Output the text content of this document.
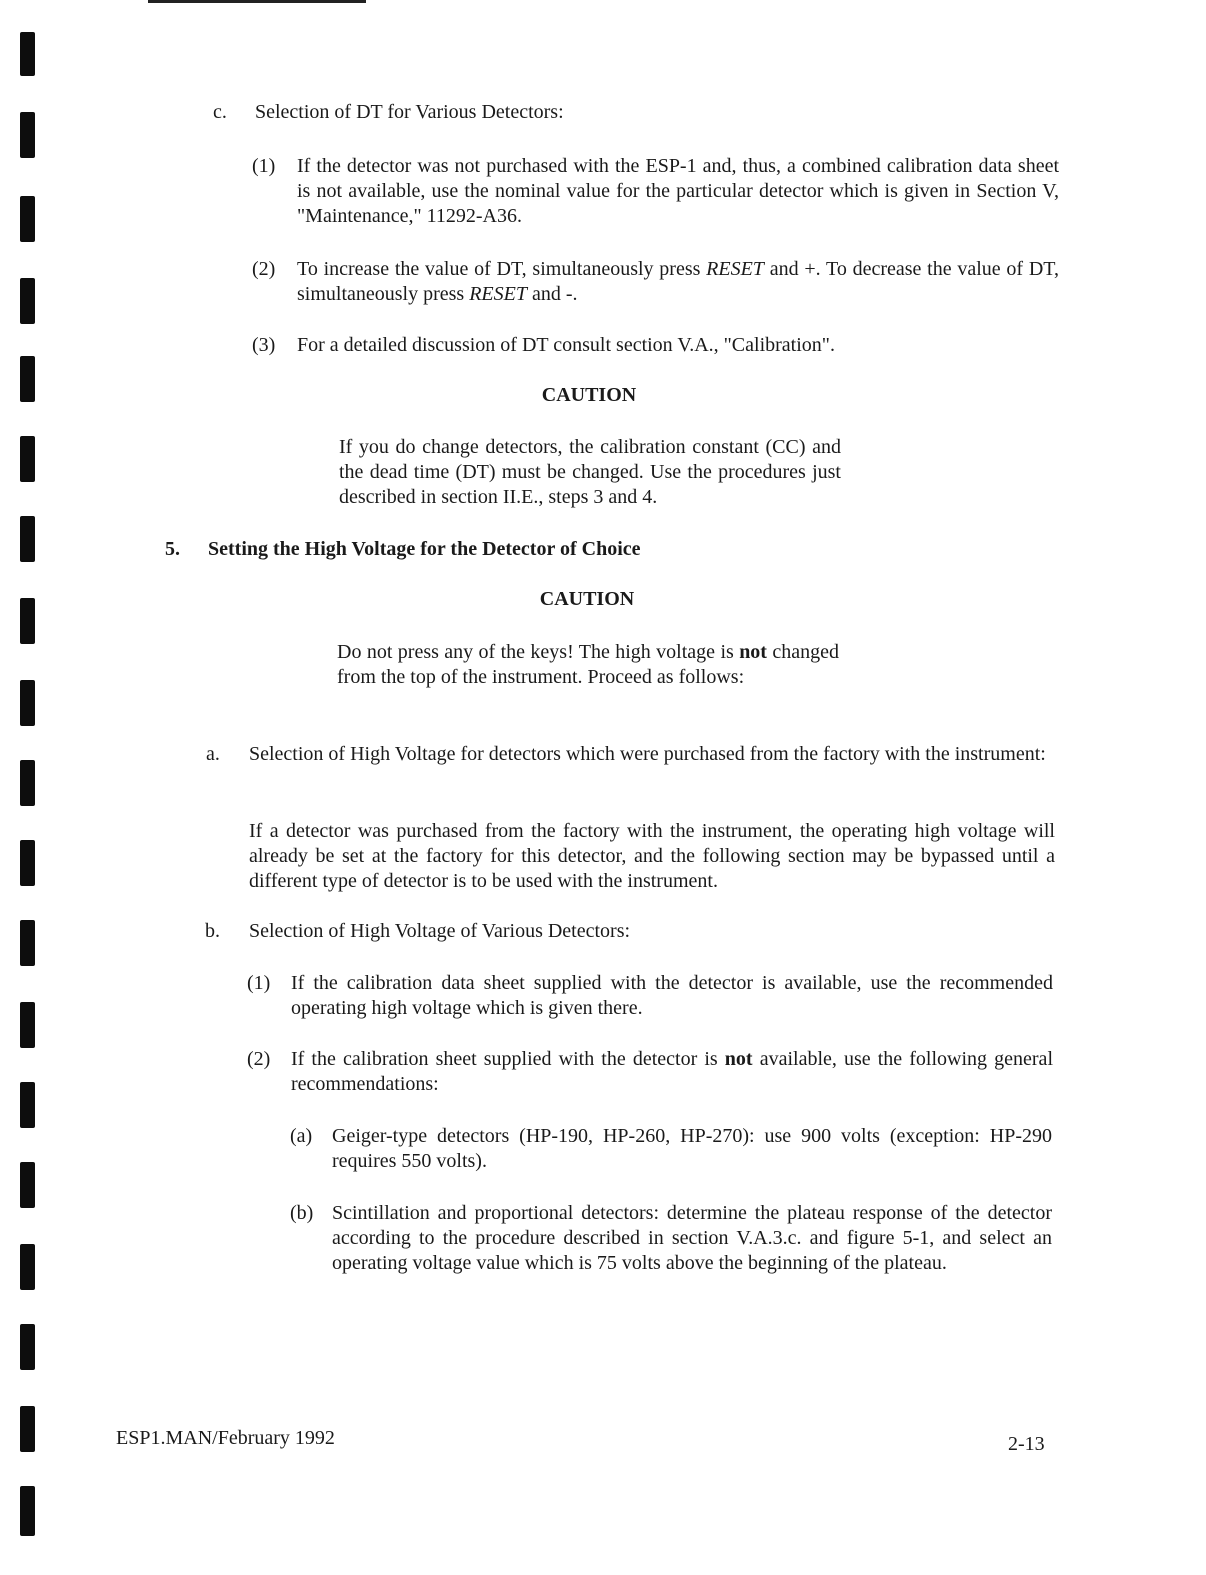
c. Selection of DT for Various Detectors:
(1) If the detector was not purchased with the ESP-1 and, thus, a combined calibration data sheet is not available, use the nominal value for the particular detector which is given in Section V, "Maintenance," 11292-A36.
(2) To increase the value of DT, simultaneously press RESET and +. To decrease the value of DT, simultaneously press RESET and -.
(3) For a detailed discussion of DT consult section V.A., "Calibration".
CAUTION
If you do change detectors, the calibration constant (CC) and the dead time (DT) must be changed. Use the procedures just described in section II.E., steps 3 and 4.
5. Setting the High Voltage for the Detector of Choice
CAUTION
Do not press any of the keys! The high voltage is not changed from the top of the instrument. Proceed as follows:
a. Selection of High Voltage for detectors which were purchased from the factory with the instrument:
If a detector was purchased from the factory with the instrument, the operating high voltage will already be set at the factory for this detector, and the following section may be bypassed until a different type of detector is to be used with the instrument.
b. Selection of High Voltage of Various Detectors:
(1) If the calibration data sheet supplied with the detector is available, use the recommended operating high voltage which is given there.
(2) If the calibration sheet supplied with the detector is not available, use the following general recommendations:
(a) Geiger-type detectors (HP-190, HP-260, HP-270): use 900 volts (exception: HP-290 requires 550 volts).
(b) Scintillation and proportional detectors: determine the plateau response of the detector according to the procedure described in section V.A.3.c. and figure 5-1, and select an operating voltage value which is 75 volts above the beginning of the plateau.
ESP1.MAN/February 1992	2-13
